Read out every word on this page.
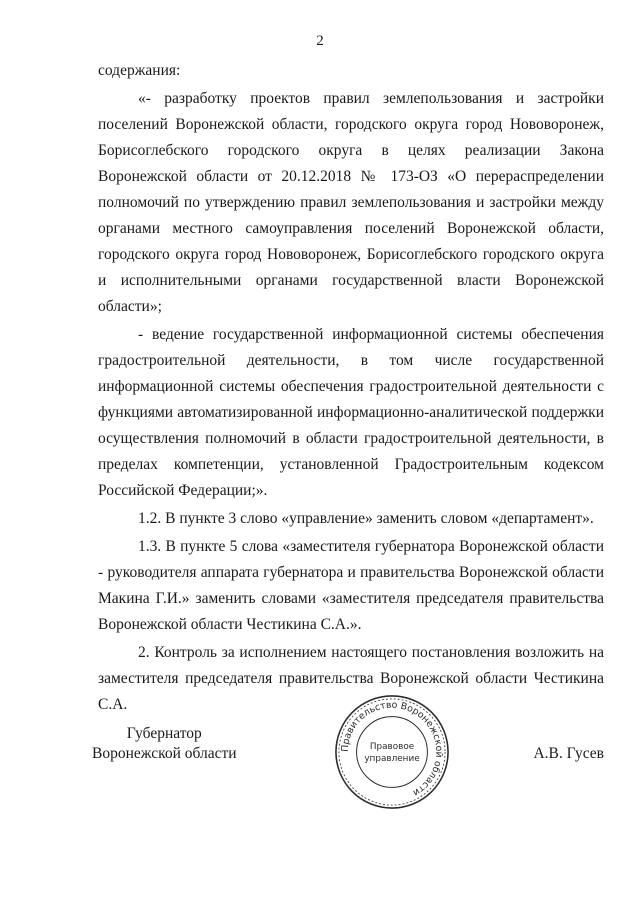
2

содержания:

«- разработку проектов правил землепользования и застройки поселений Воронежской области, городского округа город Нововоронеж, Борисоглебского городского округа в целях реализации Закона Воронежской области от 20.12.2018 № 173-ОЗ «О перераспределении полномочий по утверждению правил землепользования и застройки между органами местного самоуправления поселений Воронежской области, городского округа город Нововоронеж, Борисоглебского городского округа и исполнительными органами государственной власти Воронежской области»;

- ведение государственной информационной системы обеспечения градостроительной деятельности, в том числе государственной информационной системы обеспечения градостроительной деятельности с функциями автоматизированной информационно-аналитической поддержки осуществления полномочий в области градостроительной деятельности, в пределах компетенции, установленной Градостроительным кодексом Российской Федерации;».

1.2. В пункте 3 слово «управление» заменить словом «департамент».

1.3. В пункте 5 слова «заместителя губернатора Воронежской области - руководителя аппарата губернатора и правительства Воронежской области Макина Г.И.» заменить словами «заместителя председателя правительства Воронежской области Честикина С.А.».

2. Контроль за исполнением настоящего постановления возложить на заместителя председателя правительства Воронежской области Честикина С.А.

Губернатор
Воронежской области	Правительство Воронежской области
Правовое
управление	А.В. Гусев
